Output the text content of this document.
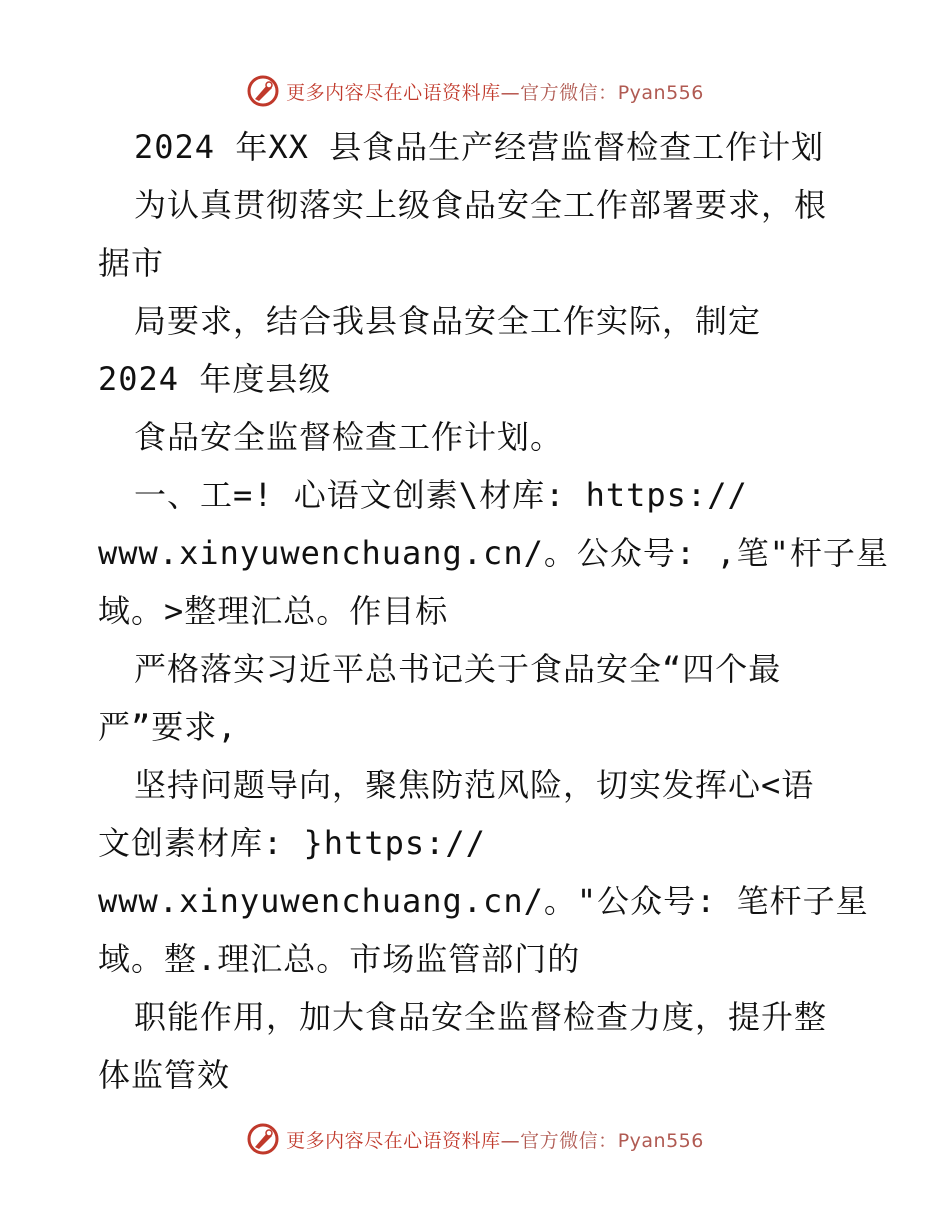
更多内容尽在心语资料库—官方微信：Pyan556
2024 年XX 县食品生产经营监督检查工作计划
为认真贯彻落实上级食品安全工作部署要求，根
据市
局要求，结合我县食品安全工作实际，制定
2024 年度县级
食品安全监督检查工作计划。
一、工=! 心语文创素\材库: https://
www.xinyuwenchuang.cn/。公众号: ,笔"杆子星
域。>整理汇总。作目标
严格落实习近平总书记关于食品安全“四个最
严”要求,
坚持问题导向，聚焦防范风险，切实发挥心<语
文创素材库: }https://
www.xinyuwenchuang.cn/。"公众号: 笔杆子星
域。整.理汇总。市场监管部门的
职能作用，加大食品安全监督检查力度，提升整
体监管效
更多内容尽在心语资料库—官方微信：Pyan556
